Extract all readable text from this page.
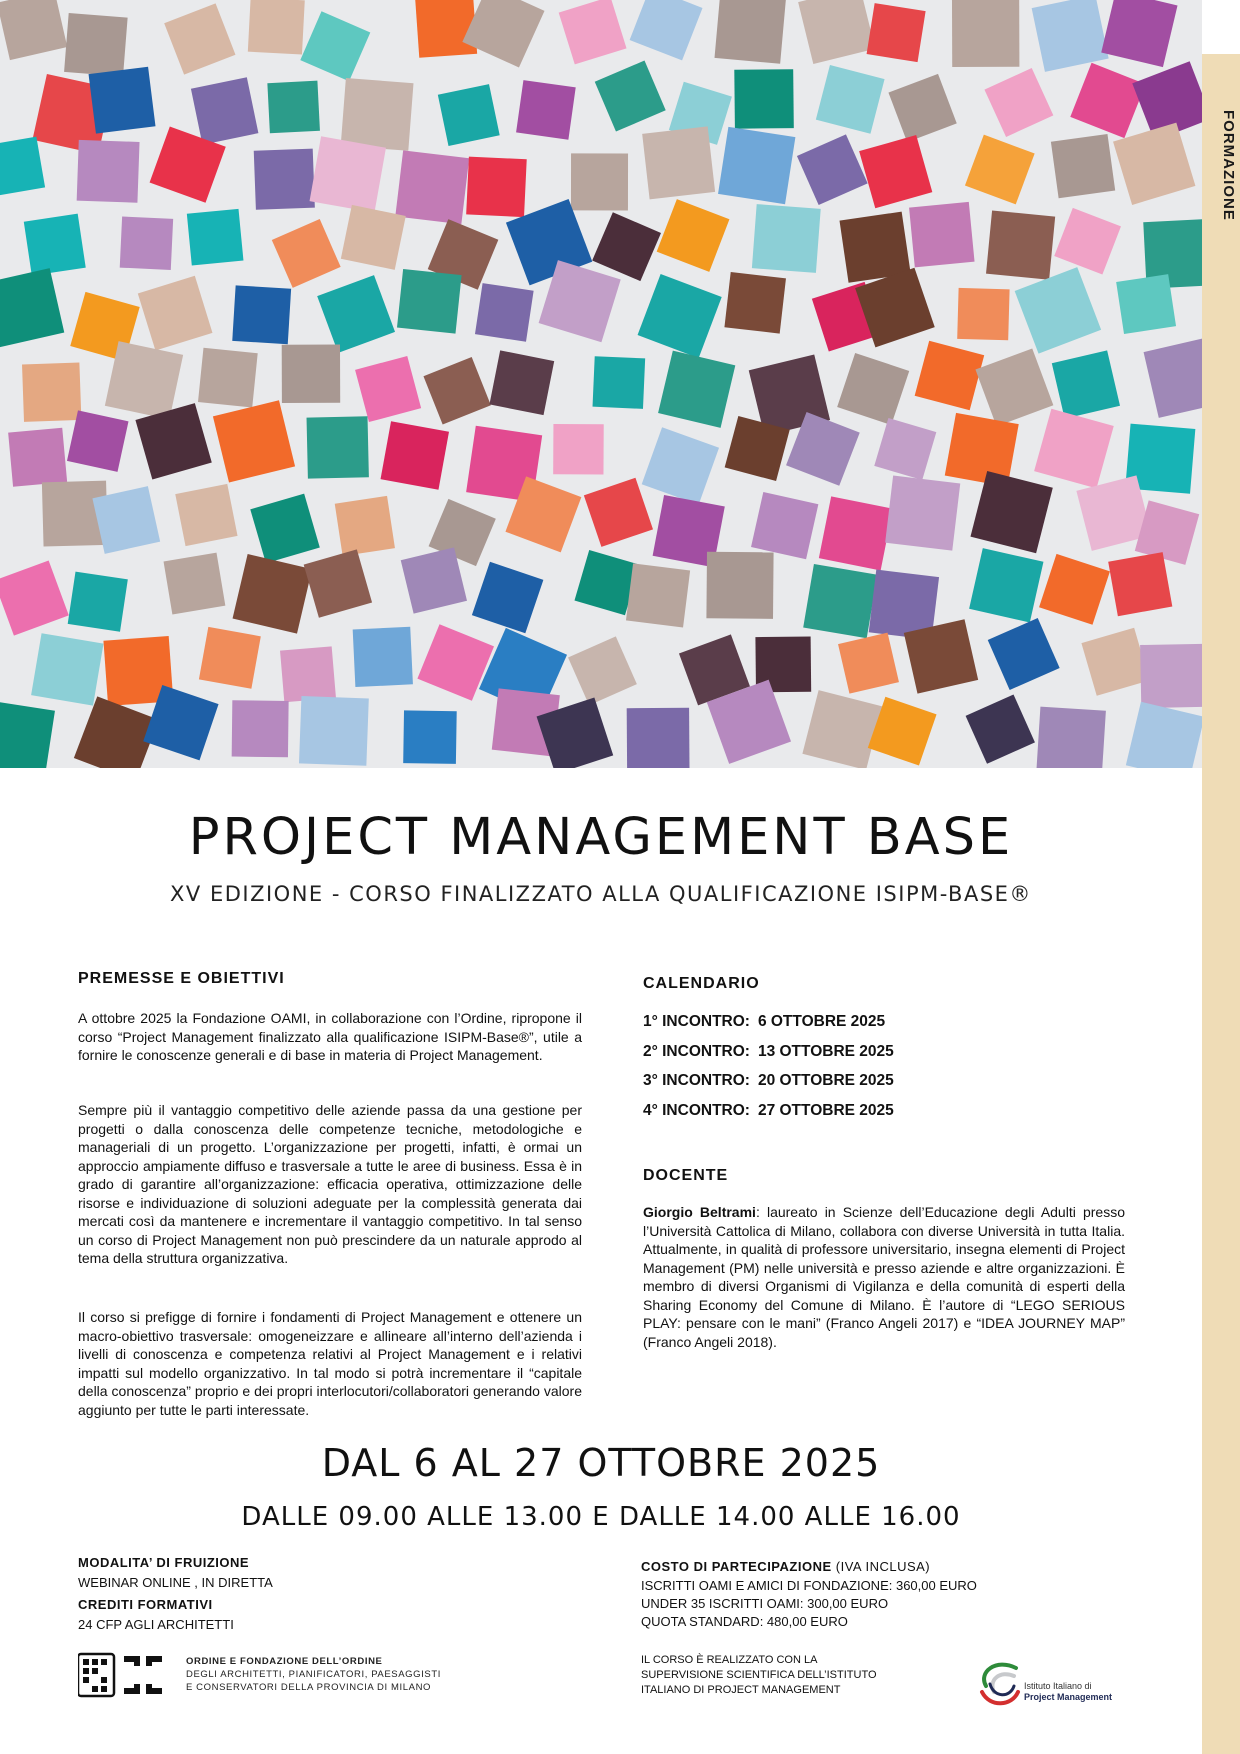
FORMAZIONE
PROJECT MANAGEMENT BASE
XV EDIZIONE - CORSO FINALIZZATO ALLA QUALIFICAZIONE ISIPM-BASE®
PREMESSE E OBIETTIVI

A ottobre 2025 la Fondazione OAMI, in collaborazione con l’Ordine, ripropone il corso “Project Management finalizzato alla qualificazione ISIPM-Base®”, utile a fornire le conoscenze generali e di base in materia di Project Management.

Sempre più il vantaggio competitivo delle aziende passa da una gestione per progetti o dalla conoscenza delle competenze tecniche, metodologiche e manageriali di un progetto. L’organizzazione per progetti, infatti, è ormai un approccio ampiamente diffuso e trasversale a tutte le aree di business. Essa è in grado di garantire all’organizzazione: efficacia operativa, ottimizzazione delle risorse e individuazione di soluzioni adeguate per la complessità generata dai mercati così da mantenere e incrementare il vantaggio competitivo. In tal senso un corso di Project Management non può prescindere da un naturale approdo al tema della struttura organizzativa.

Il corso si prefigge di fornire i fondamenti di Project Management e ottenere un macro-obiettivo trasversale: omogeneizzare e allineare all’interno dell’azienda i livelli di conoscenza e competenza relativi al Project Management e i relativi impatti sul modello organizzativo. In tal modo si potrà incrementare il “capitale della conoscenza” proprio e dei propri interlocutori/collaboratori generando valore aggiunto per tutte le parti interessate.

CALENDARIO
1° INCONTRO: 6 OTTOBRE 2025
2° INCONTRO: 13 OTTOBRE 2025
3° INCONTRO: 20 OTTOBRE 2025
4° INCONTRO: 27 OTTOBRE 2025
DOCENTE

Giorgio Beltrami: laureato in Scienze dell’Educazione degli Adulti presso l’Università Cattolica di Milano, collabora con diverse Università in tutta Italia. Attualmente, in qualità di professore universitario, insegna elementi di Project Management (PM) nelle università e presso aziende e altre organizzazioni. È membro di diversi Organismi di Vigilanza e della comunità di esperti della Sharing Economy del Comune di Milano. È l’autore di “LEGO SERIOUS PLAY: pensare con le mani” (Franco Angeli 2017) e “IDEA JOURNEY MAP” (Franco Angeli 2018).

DAL 6 AL 27 OTTOBRE 2025
DALLE 09.00 ALLE 13.00 E DALLE 14.00 ALLE 16.00
MODALITA’ DI FRUIZIONE
WEBINAR ONLINE , IN DIRETTA
CREDITI FORMATIVI
24 CFP AGLI ARCHITETTI
COSTO DI PARTECIPAZIONE (IVA INCLUSA)
ISCRITTI OAMI E AMICI DI FONDAZIONE: 360,00 EURO
UNDER 35 ISCRITTI OAMI: 300,00 EURO
QUOTA STANDARD: 480,00 EURO
ORDINE E FONDAZIONE DELL’ORDINE
DEGLI ARCHITETTI, PIANIFICATORI, PAESAGGISTI
E CONSERVATORI DELLA PROVINCIA DI MILANO
IL CORSO È REALIZZATO CON LA
SUPERVISIONE SCIENTIFICA DELL’ISTITUTO
ITALIANO DI PROJECT MANAGEMENT	Istituto Italiano di
Project Management
